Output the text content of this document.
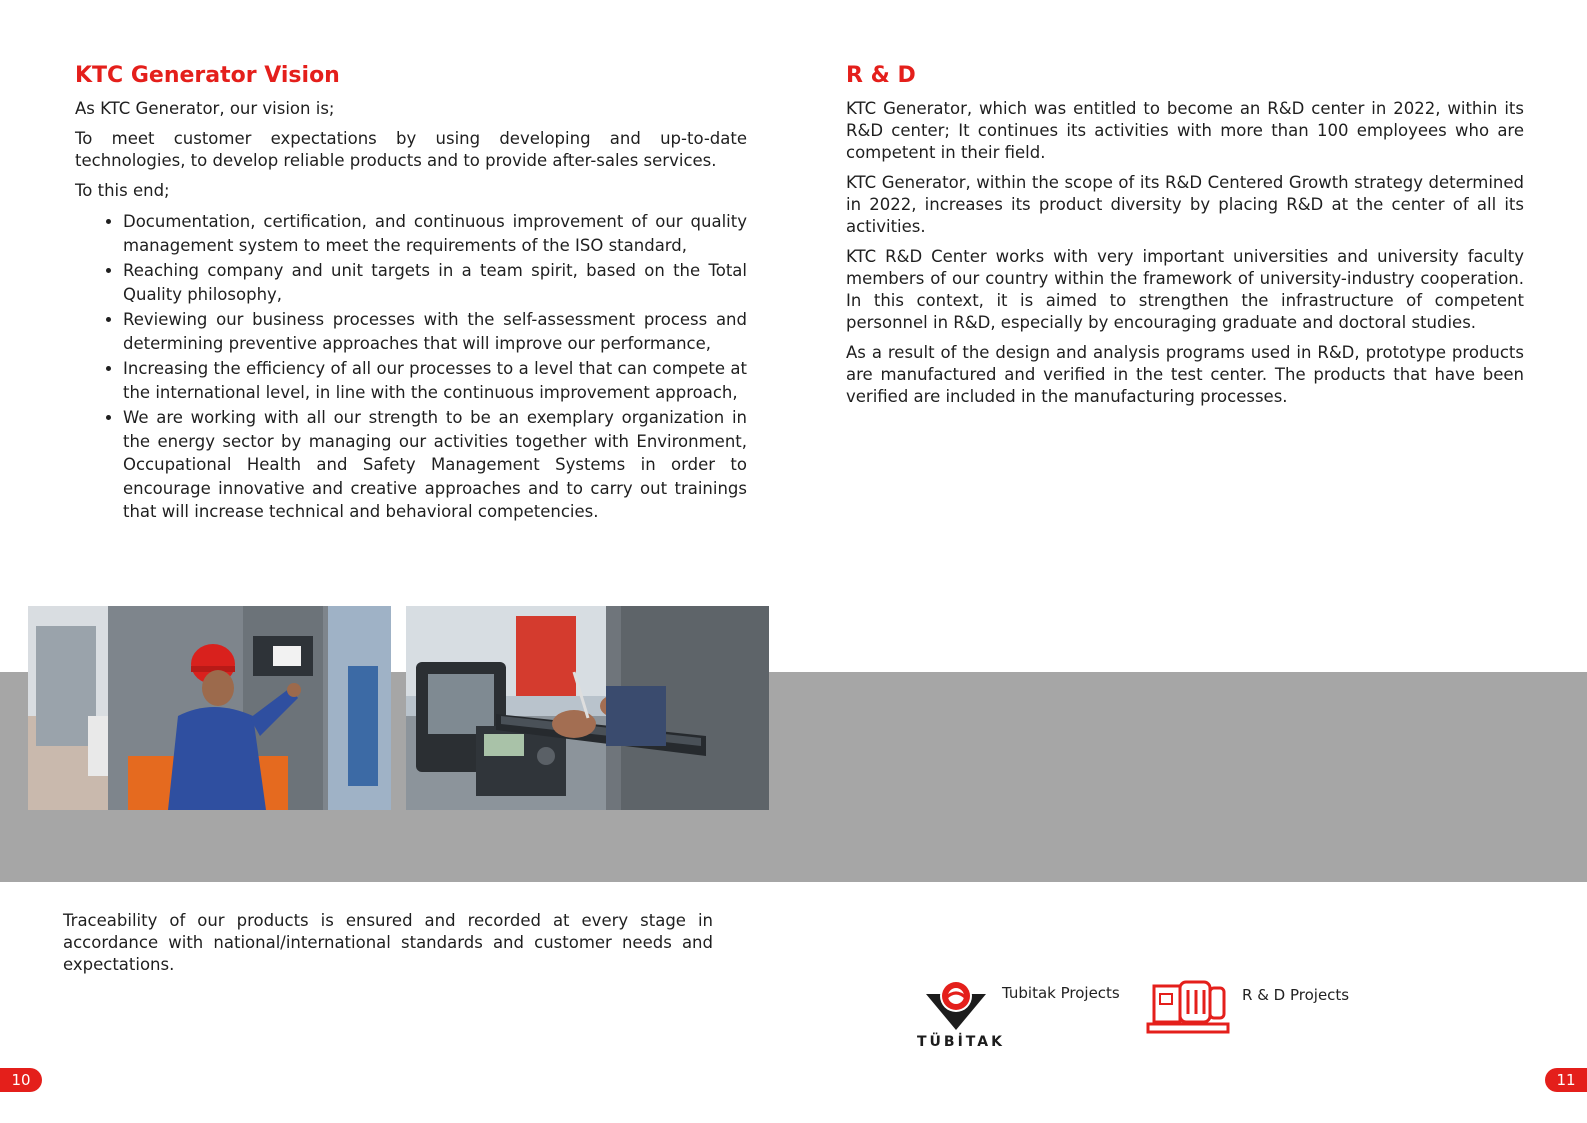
KTC Generator Vision

As KTC Generator, our vision is;

To meet customer expectations by using developing and up-to-date technologies, to develop reliable products and to provide after-sales services.

To this end;

• Documentation, certification, and continuous improvement of our quality management system to meet the requirements of the ISO standard,
• Reaching company and unit targets in a team spirit, based on the Total Quality philosophy,
• Reviewing our business processes with the self-assessment process and determining preventive approaches that will improve our performance,
• Increasing the efficiency of all our processes to a level that can compete at the international level, in line with the continuous improvement approach,
• We are working with all our strength to be an exemplary organization in the energy sector by managing our activities together with Environment, Occupational Health and Safety Management Systems in order to encourage innovative and creative approaches and to carry out trainings that will increase technical and behavioral competencies.
R & D

KTC Generator, which was entitled to become an R&D center in 2022, within its R&D center; It continues its activities with more than 100 employees who are competent in their field.

KTC Generator, within the scope of its R&D Centered Growth strategy determined in 2022, increases its product diversity by placing R&D at the center of all its activities.

KTC R&D Center works with very important universities and university faculty members of our country within the framework of university-industry cooperation. In this context, it is aimed to strengthen the infrastructure of competent personnel in R&D, especially by encouraging graduate and doctoral studies.

As a result of the design and analysis programs used in R&D, prototype products are manufactured and verified in the test center. The products that have been verified are included in the manufacturing processes.

Traceability of our products is ensured and recorded at every stage in accordance with national/international standards and customer needs and expectations.
TÜBİTAK
Tubitak Projects	R & D Projects
10	11
